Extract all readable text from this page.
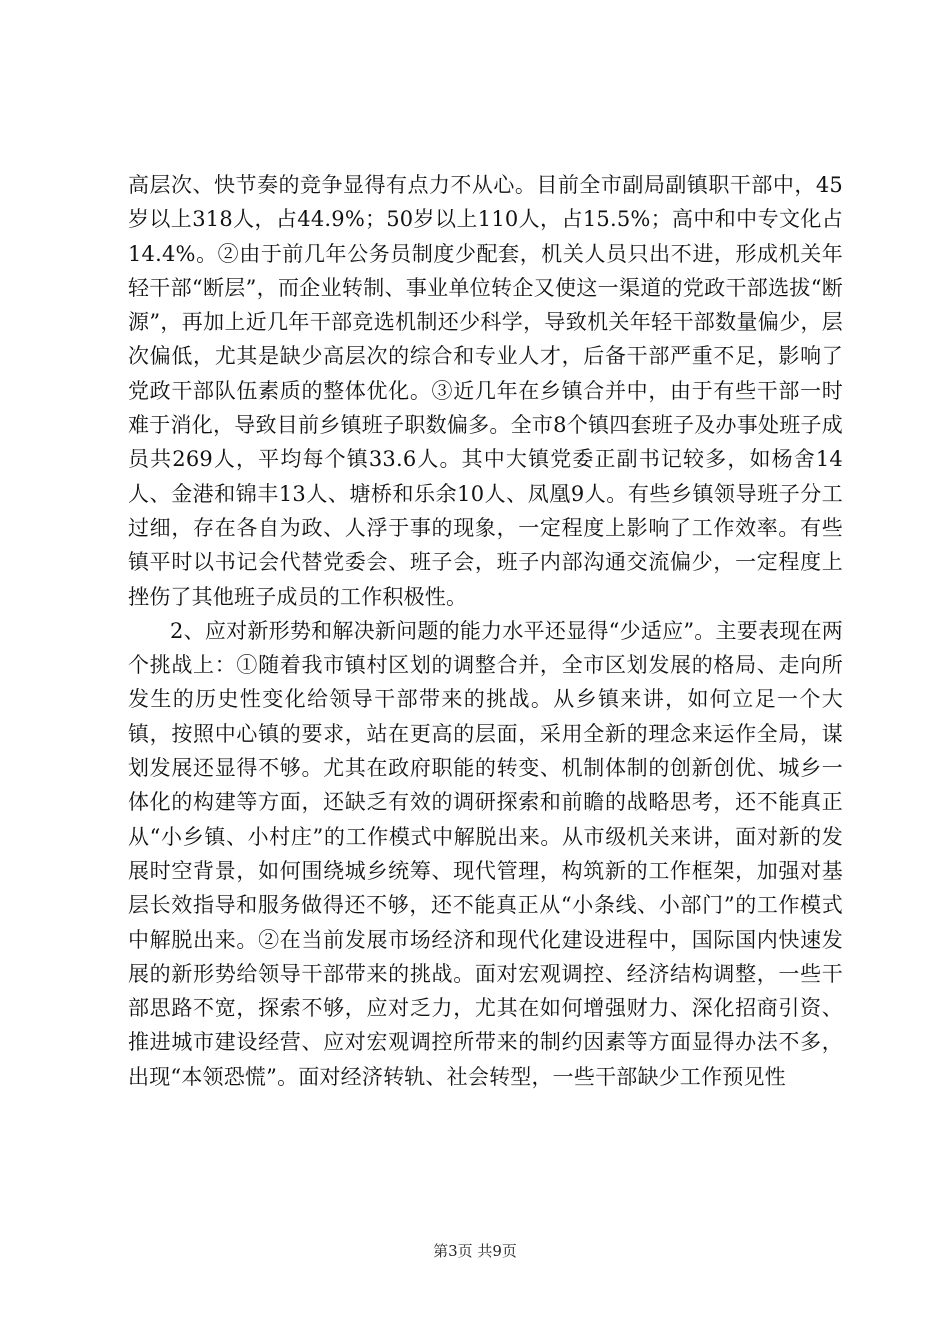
高层次、快节奏的竞争显得有点力不从心。目前全市副局副镇职干部中，45岁以上318人，占44.9%；50岁以上110人，占15.5%；高中和中专文化占14.4%。②由于前几年公务员制度少配套，机关人员只出不进，形成机关年轻干部“断层”，而企业转制、事业单位转企又使这一渠道的党政干部选拔“断源”，再加上近几年干部竞选机制还少科学，导致机关年轻干部数量偏少，层次偏低，尤其是缺少高层次的综合和专业人才，后备干部严重不足，影响了党政干部队伍素质的整体优化。③近几年在乡镇合并中，由于有些干部一时难于消化，导致目前乡镇班子职数偏多。全市8个镇四套班子及办事处班子成员共269人，平均每个镇33.6人。其中大镇党委正副书记较多，如杨舍14人、金港和锦丰13人、塘桥和乐余10人、凤凰9人。有些乡镇领导班子分工过细，存在各自为政、人浮于事的现象，一定程度上影响了工作效率。有些镇平时以书记会代替党委会、班子会，班子内部沟通交流偏少，一定程度上挫伤了其他班子成员的工作积极性。

2、应对新形势和解决新问题的能力水平还显得“少适应”。主要表现在两个挑战上：①随着我市镇村区划的调整合并，全市区划发展的格局、走向所发生的历史性变化给领导干部带来的挑战。从乡镇来讲，如何立足一个大镇，按照中心镇的要求，站在更高的层面，采用全新的理念来运作全局，谋划发展还显得不够。尤其在政府职能的转变、机制体制的创新创优、城乡一体化的构建等方面，还缺乏有效的调研探索和前瞻的战略思考，还不能真正从“小乡镇、小村庄”的工作模式中解脱出来。从市级机关来讲，面对新的发展时空背景，如何围绕城乡统筹、现代管理，构筑新的工作框架，加强对基层长效指导和服务做得还不够，还不能真正从“小条线、小部门”的工作模式中解脱出来。②在当前发展市场经济和现代化建设进程中，国际国内快速发展的新形势给领导干部带来的挑战。面对宏观调控、经济结构调整，一些干部思路不宽，探索不够，应对乏力，尤其在如何增强财力、深化招商引资、推进城市建设经营、应对宏观调控所带来的制约因素等方面显得办法不多，出现“本领恐慌”。面对经济转轨、社会转型，一些干部缺少工作预见性

第3页 共9页
